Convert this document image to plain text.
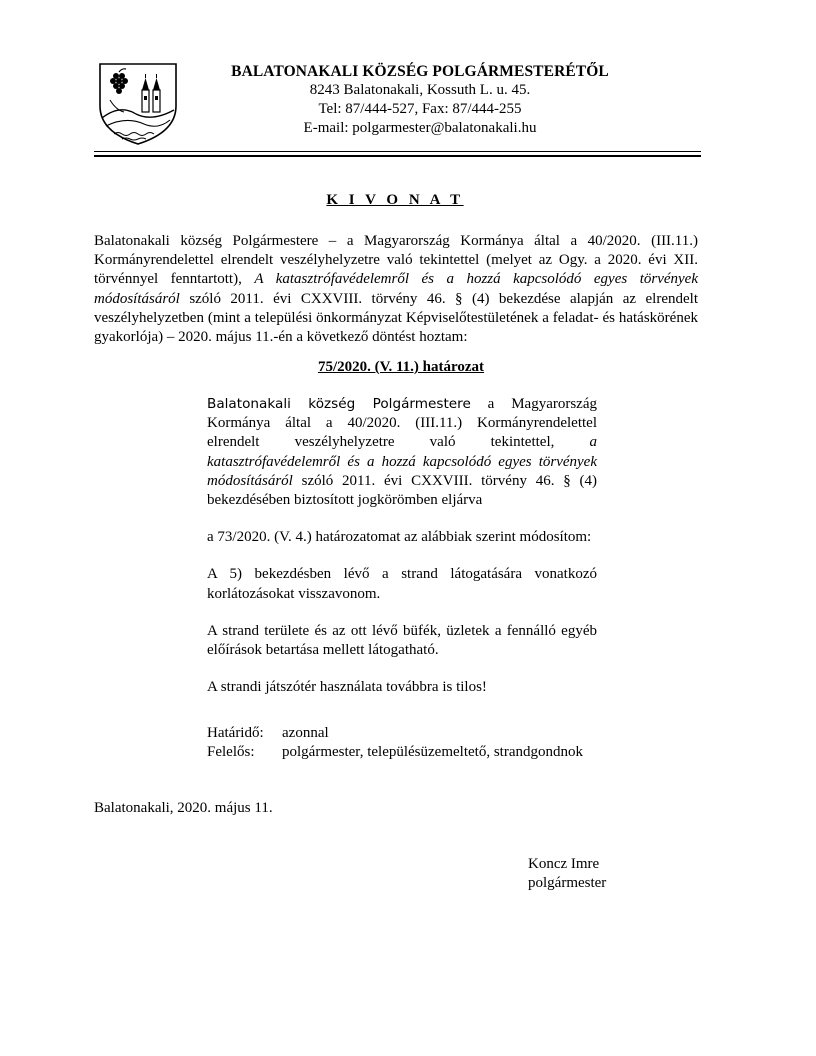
BALATONAKALI KÖZSÉG POLGÁRMESTERÉTŐL
8243 Balatonakali, Kossuth L. u. 45.
Tel: 87/444-527, Fax: 87/444-255
E-mail: polgarmester@balatonakali.hu
K I V O N A T
Balatonakali község Polgármestere – a Magyarország Kormánya által a 40/2020. (III.11.) Kormányrendelettel elrendelt veszélyhelyzetre való tekintettel (melyet az Ogy. a 2020. évi XII. törvénnyel fenntartott), A katasztrófavédelemről és a hozzá kapcsolódó egyes törvények módosításáról szóló 2011. évi CXXVIII. törvény 46. § (4) bekezdése alapján az elrendelt veszélyhelyzetben (mint a települési önkormányzat Képviselőtestületének a feladat- és hatáskörének gyakorlója) – 2020. május 11.-én a következő döntést hoztam:
75/2020. (V. 11.) határozat

Balatonakali község Polgármestere a Magyarország Kormánya által a 40/2020. (III.11.) Kormányrendelettel elrendelt veszélyhelyzetre való tekintettel, a katasztrófavédelemről és a hozzá kapcsolódó egyes törvények módosításáról szóló 2011. évi CXXVIII. törvény 46. § (4) bekezdésében biztosított jogkörömben eljárva

a 73/2020. (V. 4.) határozatomat az alábbiak szerint módosítom:

A 5) bekezdésben lévő a strand látogatására vonatkozó korlátozásokat visszavonom.

A strand területe és az ott lévő büfék, üzletek a fennálló egyéb előírások betartása mellett látogatható.

A strandi játszótér használata továbbra is tilos!

Határidő:	azonnal
Felelős:	polgármester, településüzemeltető, strandgondnok
Balatonakali, 2020. május 11.
Koncz Imre
polgármester
